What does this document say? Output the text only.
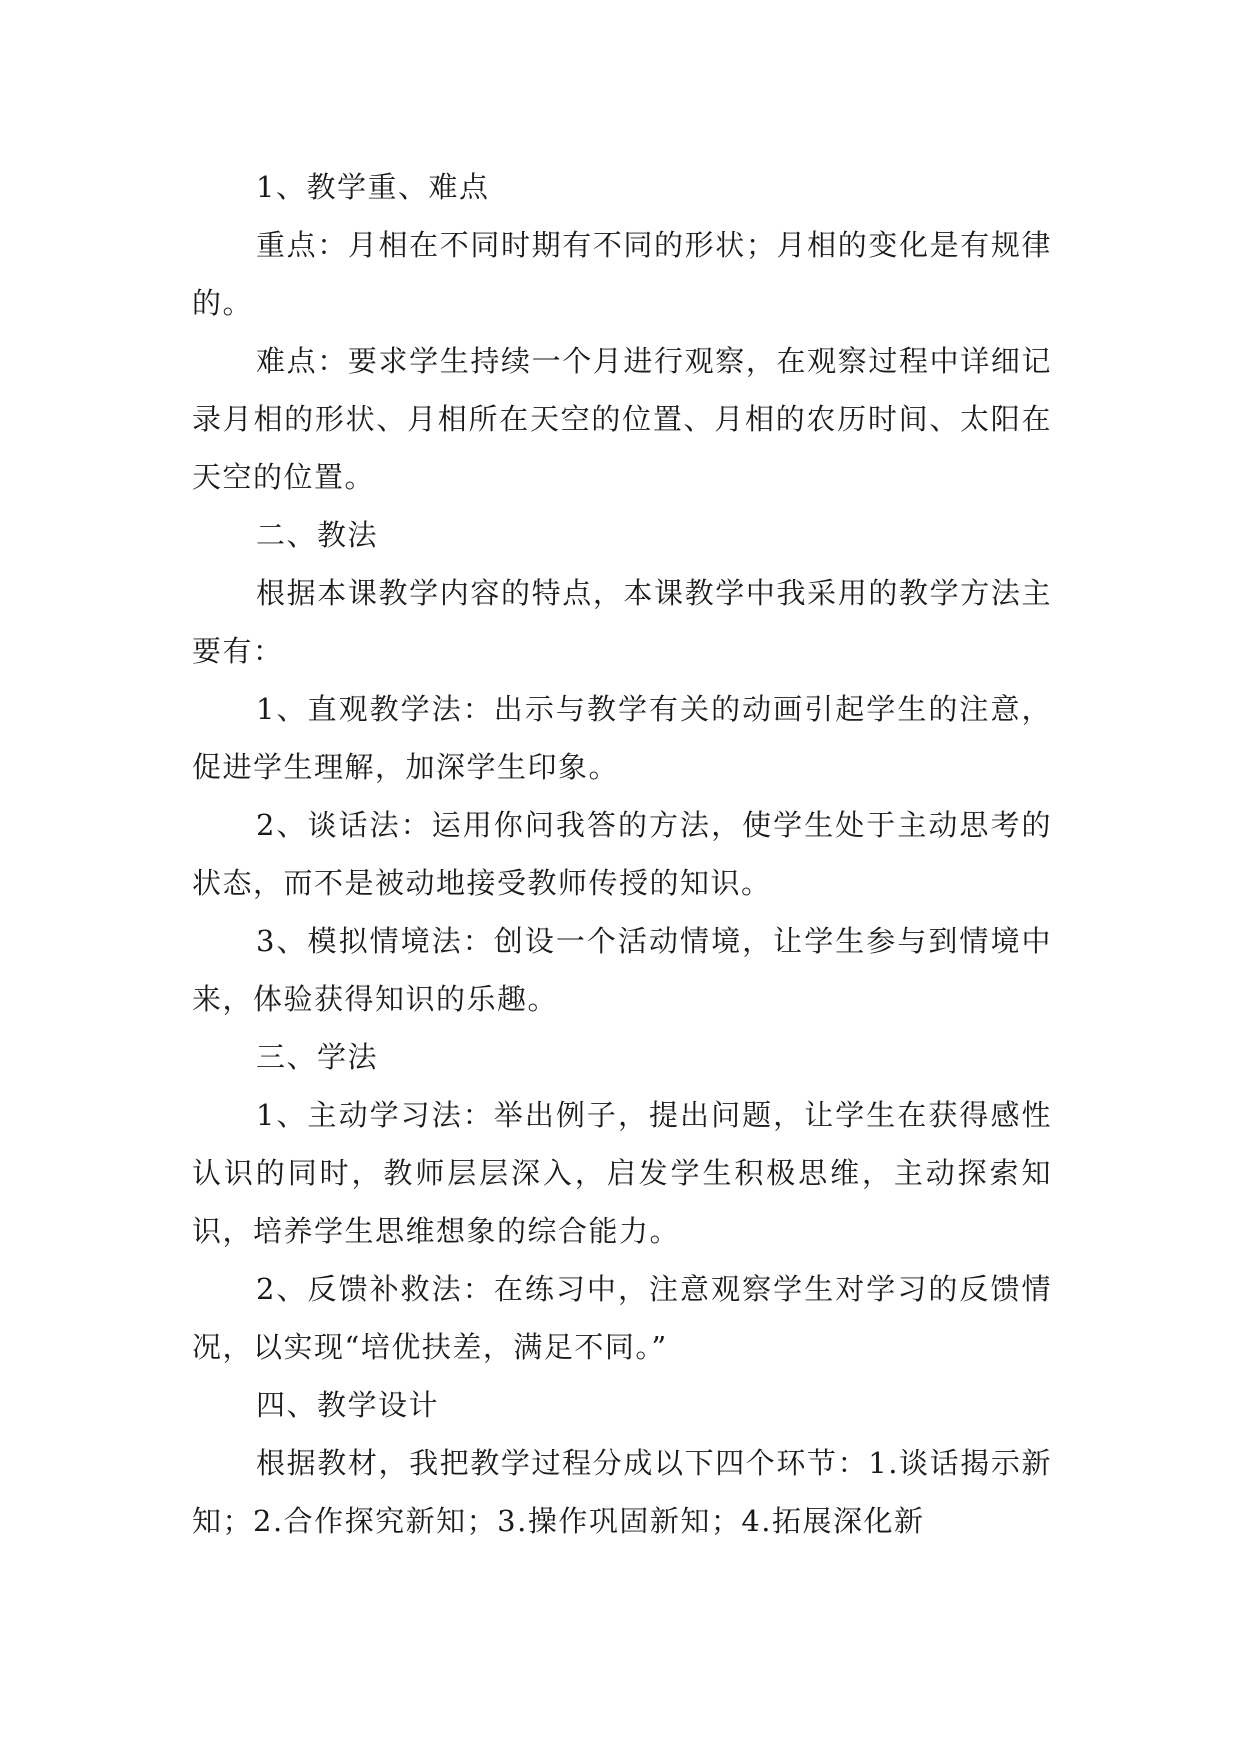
1、教学重、难点

重点：月相在不同时期有不同的形状；月相的变化是有规律的。

难点：要求学生持续一个月进行观察，在观察过程中详细记录月相的形状、月相所在天空的位置、月相的农历时间、太阳在天空的位置。

二、教法

根据本课教学内容的特点，本课教学中我采用的教学方法主要有：

1、直观教学法：出示与教学有关的动画引起学生的注意，促进学生理解，加深学生印象。

2、谈话法：运用你问我答的方法，使学生处于主动思考的状态，而不是被动地接受教师传授的知识。

3、模拟情境法：创设一个活动情境，让学生参与到情境中来，体验获得知识的乐趣。

三、学法

1、主动学习法：举出例子，提出问题，让学生在获得感性认识的同时，教师层层深入，启发学生积极思维，主动探索知识，培养学生思维想象的综合能力。

2、反馈补救法：在练习中，注意观察学生对学习的反馈情况，以实现“培优扶差，满足不同。”

四、教学设计

根据教材，我把教学过程分成以下四个环节：1.谈话揭示新知；2.合作探究新知；3.操作巩固新知；4.拓展深化新
